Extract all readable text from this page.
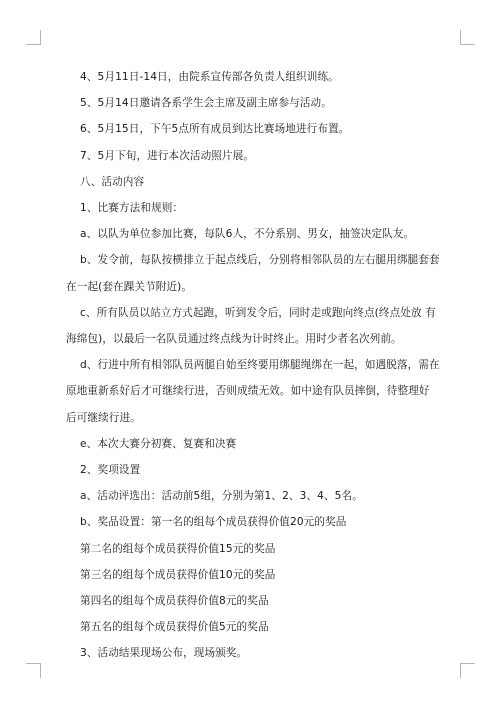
4、5月11日-14日，由院系宣传部各负责人组织训练。

5、5月14日邀请各系学生会主席及副主席参与活动。

6、5月15日，下午5点所有成员到达比赛场地进行布置。

7、5月下旬，进行本次活动照片展。

八、活动内容

1、比赛方法和规则：

a、以队为单位参加比赛，每队6人，不分系别、男女，抽签决定队友。

b、发令前，每队按横排立于起点线后，分别将相邻队员的左右腿用绑腿套套在一起(套在踝关节附近)。

c、所有队员以站立方式起跑，听到发令后，同时走或跑向终点(终点处放 有海绵包)，以最后一名队员通过终点线为计时终止。用时少者名次列前。

d、行进中所有相邻队员两腿自始至终要用绑腿绳绑在一起，如遇脱落，需在原地重新系好后才可继续行进，否则成绩无效。如中途有队员摔倒，待整理好后可继续行进。

e、本次大赛分初赛、复赛和决赛

2、奖项设置

a、活动评选出：活动前5组，分别为第1、2、3、4、5名。

b、奖品设置：第一名的组每个成员获得价值20元的奖品

第二名的组每个成员获得价值15元的奖品

第三名的组每个成员获得价值10元的奖品

第四名的组每个成员获得价值8元的奖品

第五名的组每个成员获得价值5元的奖品

3、活动结果现场公布，现场颁奖。
